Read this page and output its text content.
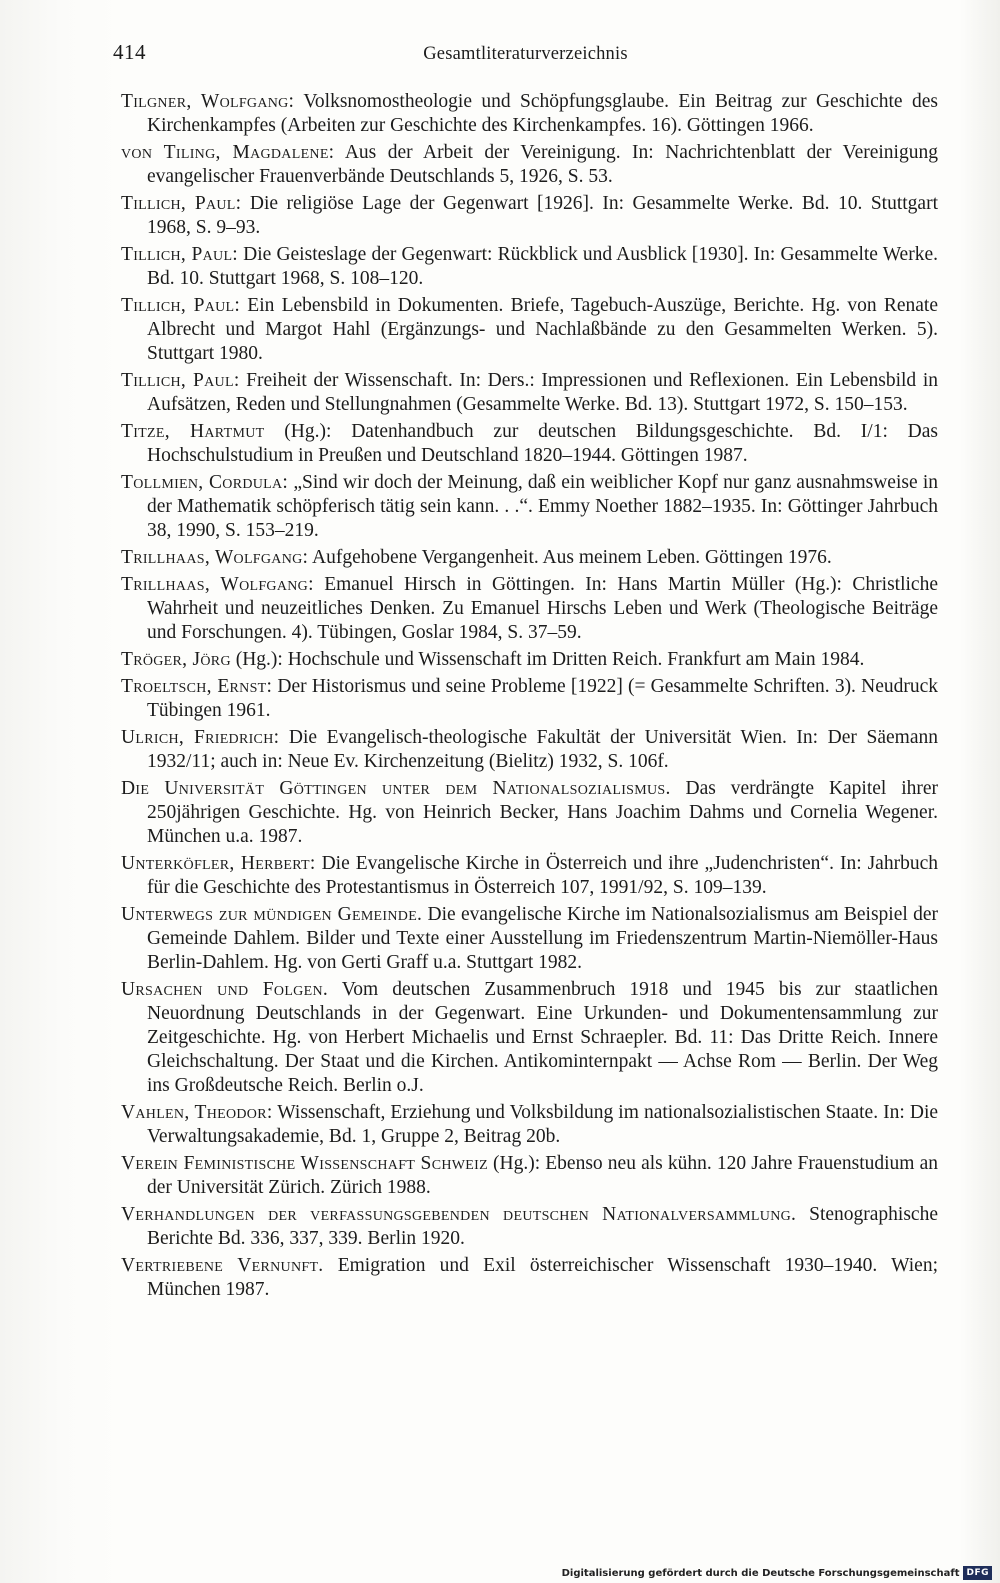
414	Gesamtliteraturverzeichnis

Tilgner, Wolfgang: Volksnomostheologie und Schöpfungsglaube. Ein Beitrag zur Geschichte des Kirchenkampfes (Arbeiten zur Geschichte des Kirchenkampfes. 16). Göttingen 1966.

von Tiling, Magdalene: Aus der Arbeit der Vereinigung. In: Nachrichtenblatt der Vereinigung evangelischer Frauenverbände Deutschlands 5, 1926, S. 53.

Tillich, Paul: Die religiöse Lage der Gegenwart [1926]. In: Gesammelte Werke. Bd. 10. Stuttgart 1968, S. 9–93.

Tillich, Paul: Die Geisteslage der Gegenwart: Rückblick und Ausblick [1930]. In: Gesammelte Werke. Bd. 10. Stuttgart 1968, S. 108–120.

Tillich, Paul: Ein Lebensbild in Dokumenten. Briefe, Tagebuch-Auszüge, Berichte. Hg. von Renate Albrecht und Margot Hahl (Ergänzungs- und Nachlaßbände zu den Gesammelten Werken. 5). Stuttgart 1980.

Tillich, Paul: Freiheit der Wissenschaft. In: Ders.: Impressionen und Reflexionen. Ein Lebensbild in Aufsätzen, Reden und Stellungnahmen (Gesammelte Werke. Bd. 13). Stuttgart 1972, S. 150–153.

Titze, Hartmut (Hg.): Datenhandbuch zur deutschen Bildungsgeschichte. Bd. I/1: Das Hochschulstudium in Preußen und Deutschland 1820–1944. Göttingen 1987.

Tollmien, Cordula: „Sind wir doch der Meinung, daß ein weiblicher Kopf nur ganz ausnahmsweise in der Mathematik schöpferisch tätig sein kann. . .“. Emmy Noether 1882–1935. In: Göttinger Jahrbuch 38, 1990, S. 153–219.

Trillhaas, Wolfgang: Aufgehobene Vergangenheit. Aus meinem Leben. Göttingen 1976.

Trillhaas, Wolfgang: Emanuel Hirsch in Göttingen. In: Hans Martin Müller (Hg.): Christliche Wahrheit und neuzeitliches Denken. Zu Emanuel Hirschs Leben und Werk (Theologische Beiträge und Forschungen. 4). Tübingen, Goslar 1984, S. 37–59.

Tröger, Jörg (Hg.): Hochschule und Wissenschaft im Dritten Reich. Frankfurt am Main 1984.

Troeltsch, Ernst: Der Historismus und seine Probleme [1922] (= Gesammelte Schriften. 3). Neudruck Tübingen 1961.

Ulrich, Friedrich: Die Evangelisch-theologische Fakultät der Universität Wien. In: Der Säemann 1932/11; auch in: Neue Ev. Kirchenzeitung (Bielitz) 1932, S. 106f.

Die Universität Göttingen unter dem Nationalsozialismus. Das verdrängte Kapitel ihrer 250jährigen Geschichte. Hg. von Heinrich Becker, Hans Joachim Dahms und Cornelia Wegener. München u.a. 1987.

Unterköfler, Herbert: Die Evangelische Kirche in Österreich und ihre „Judenchristen“. In: Jahrbuch für die Geschichte des Protestantismus in Österreich 107, 1991/92, S. 109–139.

Unterwegs zur mündigen Gemeinde. Die evangelische Kirche im Nationalsozialismus am Beispiel der Gemeinde Dahlem. Bilder und Texte einer Ausstellung im Friedenszentrum Martin-Niemöller-Haus Berlin-Dahlem. Hg. von Gerti Graff u.a. Stuttgart 1982.

Ursachen und Folgen. Vom deutschen Zusammenbruch 1918 und 1945 bis zur staatlichen Neuordnung Deutschlands in der Gegenwart. Eine Urkunden- und Dokumentensammlung zur Zeitgeschichte. Hg. von Herbert Michaelis und Ernst Schraepler. Bd. 11: Das Dritte Reich. Innere Gleichschaltung. Der Staat und die Kirchen. Antikominternpakt — Achse Rom — Berlin. Der Weg ins Großdeutsche Reich. Berlin o.J.

Vahlen, Theodor: Wissenschaft, Erziehung und Volksbildung im nationalsozialistischen Staate. In: Die Verwaltungsakademie, Bd. 1, Gruppe 2, Beitrag 20b.

Verein Feministische Wissenschaft Schweiz (Hg.): Ebenso neu als kühn. 120 Jahre Frauenstudium an der Universität Zürich. Zürich 1988.

Verhandlungen der verfassungsgebenden deutschen Nationalversammlung. Stenographische Berichte Bd. 336, 337, 339. Berlin 1920.

Vertriebene Vernunft. Emigration und Exil österreichischer Wissenschaft 1930–1940. Wien; München 1987.

Digitalisierung gefördert durch die Deutsche Forschungsgemeinschaft DFG
